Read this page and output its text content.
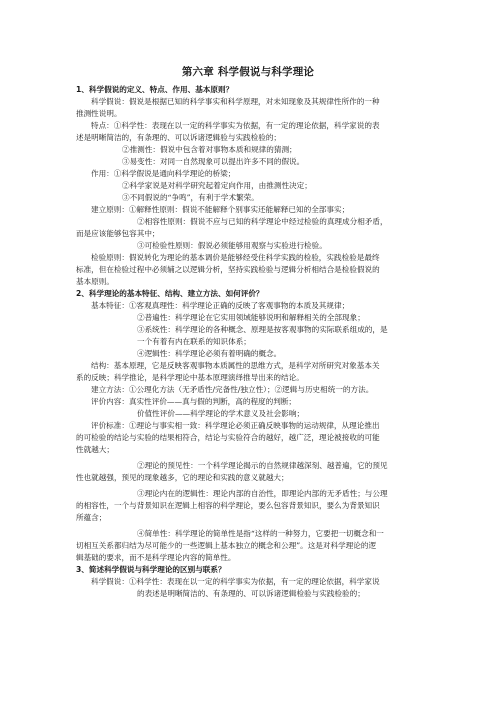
第六章 科学假说与科学理论
1、科学假说的定义、特点、作用、基本原则？
科学假说：假说是根据已知的科学事实和科学原理，对未知现象及其规律性所作的一种
推测性说明。
特点：①科学性：表现在以一定的科学事实为依据，有一定的理论依据，科学家说的表
述是明晰简洁的，有条理的、可以诉诸逻辑验与实践检验的；
②推测性：假说中包含着对事物本质和规律的猜测；
③易变性：对同一自然现象可以提出许多不同的假说。
作用：①科学假说是通向科学理论的桥梁；
②科学家说是对科学研究起着定向作用，由推测性决定；
③不同假说的“争鸣”，有利于学术繁荣。
建立原则：①解释性原则：假说不能解释个别事实还能解释已知的全部事实；
②相容性原则：假说不应与已知的科学理论中经过检验的真理成分相矛盾，
而是应该能够包容其中；
③可检验性原则：假说必须能够用观察与实验进行检验。
检验原则：假说转化为理论的基本调价是能够经受住科学实践的检验，实践检验是最终
标准，但在检验过程中必须辅之以逻辑分析，坚持实践检验与逻辑分析相结合是检验假说的
基本原则。
2、科学理论的基本特征、结构、建立方法、如何评价？
基本特征：①客观真理性：科学理论正确的反映了客观事物的本质及其规律；
②普遍性：科学理论在它实用领域能够说明和解释相关的全部现象；
③系统性：科学理论的各种概念、原理是按客观事物的实际联系组成的，是
一个有着有内在联系的知识体系；
④逻辑性：科学理论必须有着明确的概念。
结构：基本原理，它是反映客观事物本质属性的思维方式，是科学对所研究对象基本关
系的反映；科学推论，是科学理论中基本原理演绎推导出来的结论。
建立方法：①公理化方法（无矛盾性/完备性/独立性）；②逻辑与历史相统一的方法。
评价内容：真实性评价——真与假的判断，高的程度的判断；
价值性评价——科学理论的学术意义及社会影响；
评价标准：①理论与事实相一致：科学理论必须正确反映事物的运动规律，从理论推出
的可检验的结论与实验的结果相符合，结论与实验符合的越好，越广泛，理论被接收的可能
性就越大；
②理论的预见性：一个科学理论揭示的自然规律越深刻、越普遍，它的预见
性也就越强，预见的现象越多，它的理论和实践的意义就越大；
③理论内在的逻辑性：理论内部的自治性，即理论内部的无矛盾性；与公理
的相容性，一个与背景知识在逻辑上相容的科学理论，要么包容背景知识，要么为背景知识
所蕴含；
④简单性：科学理论的简单性是指“这样的一种努力，它要把一切概念和一
切相互关系都归结为尽可能少的一些逻辑上基本独立的概念和公理”。这是对科学理论的逻
辑基础的要求，而不是科学理论内容的简单性。
3、简述科学假说与科学理论的区别与联系？
科学假说：①科学性：表现在以一定的科学事实为依据，有一定的理论依据，科学家说
的表述是明晰简洁的、有条理的、可以诉诸逻辑检验与实践检验的；
